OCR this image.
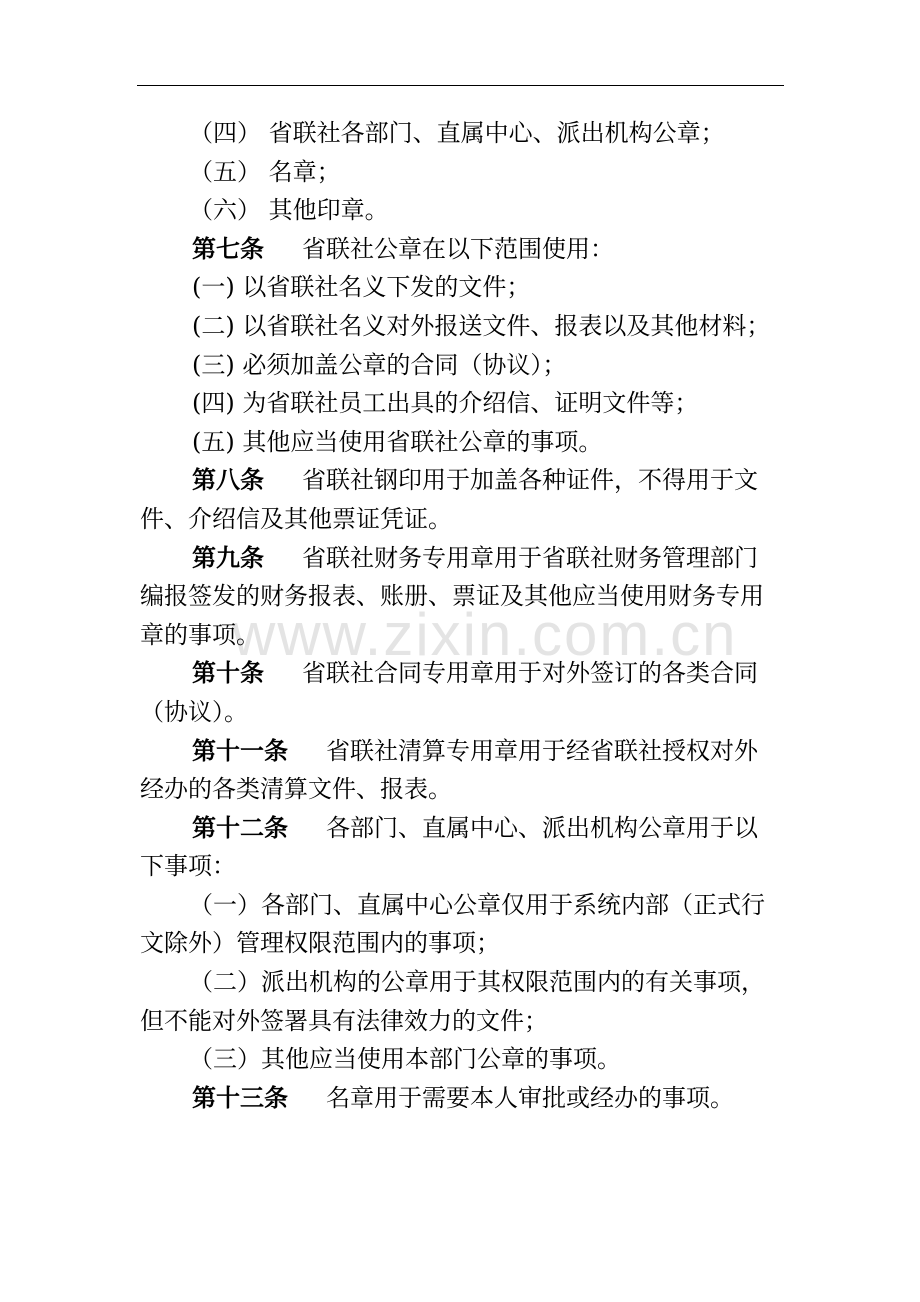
www.zixin.com.cn
（四） 省联社各部门、直属中心、派出机构公章；
（五） 名章；
（六） 其他印章。
第七条 省联社公章在以下范围使用：
(一) 以省联社名义下发的文件；
(二) 以省联社名义对外报送文件、报表以及其他材料；
(三) 必须加盖公章的合同（协议）；
(四) 为省联社员工出具的介绍信、证明文件等；
(五) 其他应当使用省联社公章的事项。
第八条 省联社钢印用于加盖各种证件，不得用于文
件、介绍信及其他票证凭证。
第九条 省联社财务专用章用于省联社财务管理部门
编报签发的财务报表、账册、票证及其他应当使用财务专用
章的事项。
第十条 省联社合同专用章用于对外签订的各类合同
（协议）。
第十一条 省联社清算专用章用于经省联社授权对外
经办的各类清算文件、报表。
第十二条 各部门、直属中心、派出机构公章用于以
下事项：
（一）各部门、直属中心公章仅用于系统内部（正式行
文除外）管理权限范围内的事项；
（二）派出机构的公章用于其权限范围内的有关事项，
但不能对外签署具有法律效力的文件；
（三）其他应当使用本部门公章的事项。
第十三条 名章用于需要本人审批或经办的事项。
